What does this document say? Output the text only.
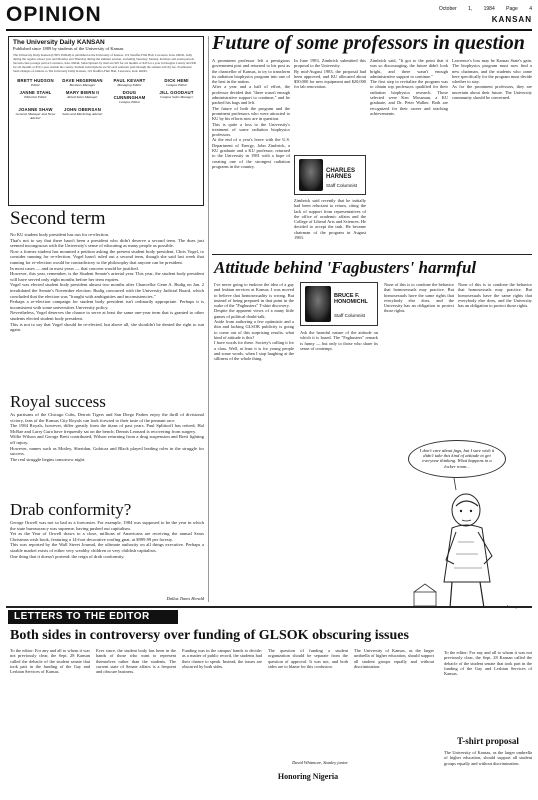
OPINION	October 1, 1984 Page 4
KANSAN
The University Daily KANSAN
Published since 1889 by students of the University of Kansas
The University Daily Kansan (USPS 650640) is published at the University of Kansas, 119 Stauffer-Flint Hall, Lawrence, Kan. 66045, daily during the regular school year and Monday and Thursday during the summer session, excluding Saturday, Sunday, holidays and exam periods. Second-class postage paid at Lawrence, Kan. 66044. Subscriptions by mail are $25 for six months or $45 for a year in Douglas County and $30 for six months or $50 a year outside the county. Student subscriptions are $2 each semester paid through the student activity fee. Postmaster: Send changes of address to The University Daily Kansan, 119 Stauffer-Flint Hall, Lawrence, Kan. 66045.
BRETT HUDSON
Editor
DAVE HEGERMAN
Business Manager
PAUL KEVART
Managing Editor
DICK HEMI
Campus Editor
JANNE STAHL
Editorial Editor
MARY BIERN II
Retail Sales Manager
DOUG CUNNINGHAM
Campus Editor
JILL GOODAUT
Campus Sales Manager
JOANNE SHAW
General Manager and News Adviser
JOHN OBERSAN
Sales and Marketing Adviser
Future of some professors in question

A prominent professor left a prestigious government post and returned to his post as the chancellor of Kansas, to try to transform its radiation biophysics program into one of the best in the nation.

After a year and a half of effort, the professor decided that "there wasn't enough administrative support to continue," and he packed his bags and left.

The future of both the program and the prominent professors who were attracted to KU by his efforts now are in question.

This is quite a loss to the University's treatment of some radiation biophysics professors.

At the end of a year's leave with the U.S. Department of Energy, John Zimbrick, a KU graduate and a KU professor, returned to the University in 1981 with a hope of creating one of the strongest radiation programs in the country.

In June 1983, Zimbrick submitted this proposal to the University.

By mid-August 1983, the proposal had been approved, and KU allocated about $50,000 for new equipment and $20,000 for lab renovation.

CHARLES HARNES
Staff Columnist

Zimbrick said recently that he initially had been reluctant to return, citing the lack of support from representatives of the office of academic affairs and the College of Liberal Arts and Sciences. He decided to accept the task. He became chairman of the program in August 1983.

Zimbrick said, "It got to the point that it was so discouraging, the future didn't look bright, and there wasn't enough administrative support to continue."

The first step to revitalize the program was to obtain top professors qualified for their radiation biophysics research. Those selected were Ken Mossman, a KU graduate, and Dr. Peter Walker. Both are recognized for their career and teaching achievements.

Lawrence's loss may be Kansas State's gain. The biophysics program must now find a new chairman, and the students who came here specifically for the program must decide whether to stay.

As for the prominent professors, they are uncertain about their future. The University community should be concerned.

Second term

No KU student body president has run for re-election.

That's not to say that there hasn't been a president who didn't deserve a second term. The dues just seemed incongruous with the University's sense of educating as many people as possible.

Now a former student has mounted a petition asking the present student body president, Chris Vogel, to consider running for re-election. Vogel hasn't ruled out a second term, though she said last week that running for re-election would be contradictory to the philosophy that anyone can be president.

In most cases — and in most years — that concern would be justified.

However, this year, remember, is the Student Senate's arterial year. This year, the student body president will have served only eight months before her term expires.

Vogel was elected student body president almost two months after Chancellor Gene A. Budig on Jan. 2 invalidated the Senate's November election. Budig concurred with the University Judicial Board, which concluded that the election was "fraught with ambiguities and inconsistencies."

Perhaps a re-election campaign for student body president isn't ordinarily appropriate. Perhaps it is inconsistent with some universities University policy.

Nevertheless, Vogel deserves the chance to serve at least the same one-year term that is granted to other students elected student body president.

This is not to say that Vogel should be re-elected, but above all, she shouldn't be denied the right to run again.

Attitude behind 'Fagbusters' harmful

I've never going to endorse the idea of a gay and lesbian services at Kansas. I was moved to believe that homosexuality is wrong. But instead of being prepared in that point in the wake of the "Fagbusters" T-shirt discovery.

Despite the apparent views of a many little games of political doubt-talk.

Aside from authoring a few optimistic and a thin and lacking GLSOK publicity is going to come out of this surprising results, what kind of attitude is this?

I have words for these. Society's calling it for a class. Well, at least it is for young people and some words, when I stop laughing at the silliness of the whole thing.

BRUCE F. HONOMICHL
Staff Columnist

Ask the harmful nature of the attitude on which it is based. The "Fagbusters" remark is funny — but only to those who share its sense of contempt.

None of this is to condone the behavior that homosexuals may practice. But homosexuals have the same rights that everybody else does, and the University has an obligation to protect those rights.

None of this is to condone the behavior that homosexuals may practice. But homosexuals have the same rights that everybody else does, and the University has an obligation to protect those rights.

I don't care about fags, but I sure wish it didn't take this kind of attitude to get everyone thinking. What happens in a locker room...
Royal success

As partisans of the Chicago Cubs, Detroit Tigers and San Diego Padres enjoy the thrill of divisional victory, fans of the Kansas City Royals can look forward to their taste of the pennant race.

The 1984 Royals, however, differ greatly from the titans of past years. Paul Splittorff has retired; Hal McRae and Larry Gura have frequently sat on the bench; Dennis Leonard is recovering from surgery.

Willie Wilson and George Brett contributed, Wilson returning from a drug suspension and Brett fighting off injury.

However, names such as Motley, Sheridan, Gubicza and Black played leading roles in the struggle for success.

The real struggle begins tomorrow night.

Drab conformity?

George Orwell was not so bad as a forecaster. For example, 1984 was supposed to be the year in which the state bureaucracy was supreme, having pushed out capitalism.

Yet as the Year of Orwell draws to a close, millions of Americans are receiving the annual Sears Christmas wish book, featuring a 14-foot decorative roofing gnat, at $999.99 per foresty.

This was reported by the Wall Street Journal, the ultimate authority on all things executive. Perhaps a sizable market exists of either very wealthy children or very childish capitalists.

One thing that it doesn't portend: the reign of drab conformity.

Dallas Times Herald
LETTERS TO THE EDITOR
Both sides in controversy over funding of GLSOK obscuring issues

To the editor: For any and all to whom it was not previously clear, the Sept. 28 Kansan called the debacle of the student senate that took part in the funding of the Gay and Lesbian Services of Kansas.

Ever since, the student body has been in the hands of those who want to represent themselves rather than the students. The current state of Senate affairs is a frequent and obscure business.

Funding was in the campus' hands to decide: as a matter of public record, the students had their chance to speak. Instead, the issues are obscured by both sides.

The question of funding a student organization should be separate from the question of approval. It was not, and both sides are to blame for this confusion.

David Whitmore, Stanley junior
Honoring Nigeria

The University of Kansas, as the larger umbrella of higher education, should support all student groups equally and without discrimination.

T-shirt proposal

To the editor: For any and all to whom it was not previously clear, the Sept. 28 Kansan called the debacle of the student senate that took part in the funding of the Gay and Lesbian Services of Kansas.

The University of Kansas, as the larger umbrella of higher education, should support all student groups equally and without discrimination.
